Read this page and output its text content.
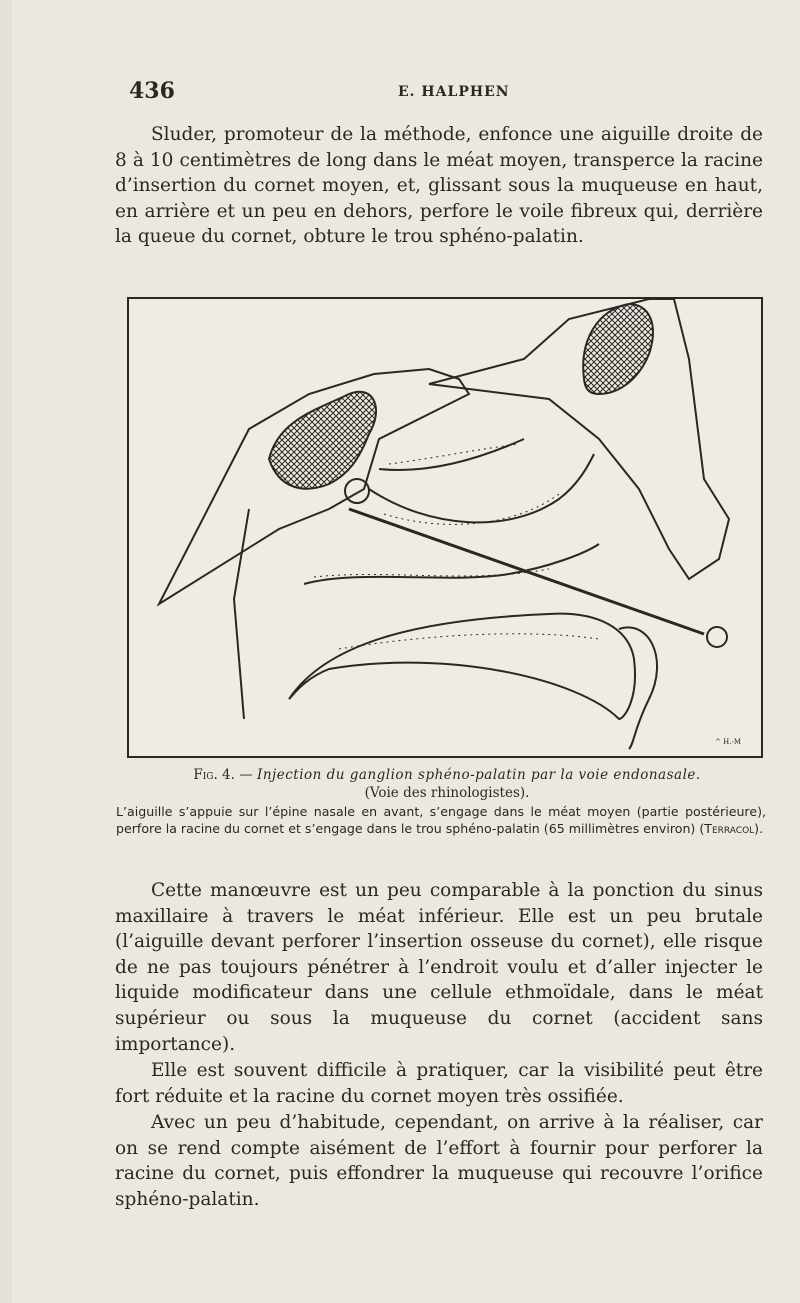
436	E. HALPHEN

Sluder, promoteur de la méthode, enfonce une aiguille droite de 8 à 10 centimètres de long dans le méat moyen, transperce la racine d’insertion du cornet moyen, et, glissant sous la muqueuse en haut, en arrière et un peu en dehors, perfore le voile fibreux qui, derrière la queue du cornet, obture le trou sphéno-palatin.

^ H.-M
Fig. 4. — Injection du ganglion sphéno-palatin par la voie endonasale.
(Voie des rhinologistes).

L’aiguille s’appuie sur l’épine nasale en avant, s’engage dans le méat moyen (partie postérieure), perfore la racine du cornet et s’engage dans le trou sphéno-palatin (65 millimètres environ) (Terracol).

Cette manœuvre est un peu comparable à la ponction du sinus maxillaire à travers le méat inférieur. Elle est un peu brutale (l’aiguille devant perforer l’insertion osseuse du cornet), elle risque de ne pas toujours pénétrer à l’endroit voulu et d’aller injecter le liquide modificateur dans une cellule ethmoïdale, dans le méat supérieur ou sous la muqueuse du cornet (accident sans importance).

Elle est souvent difficile à pratiquer, car la visibilité peut être fort réduite et la racine du cornet moyen très ossifiée.

Avec un peu d’habitude, cependant, on arrive à la réaliser, car on se rend compte aisément de l’effort à fournir pour perforer la racine du cornet, puis effondrer la muqueuse qui recouvre l’orifice sphéno-palatin.
